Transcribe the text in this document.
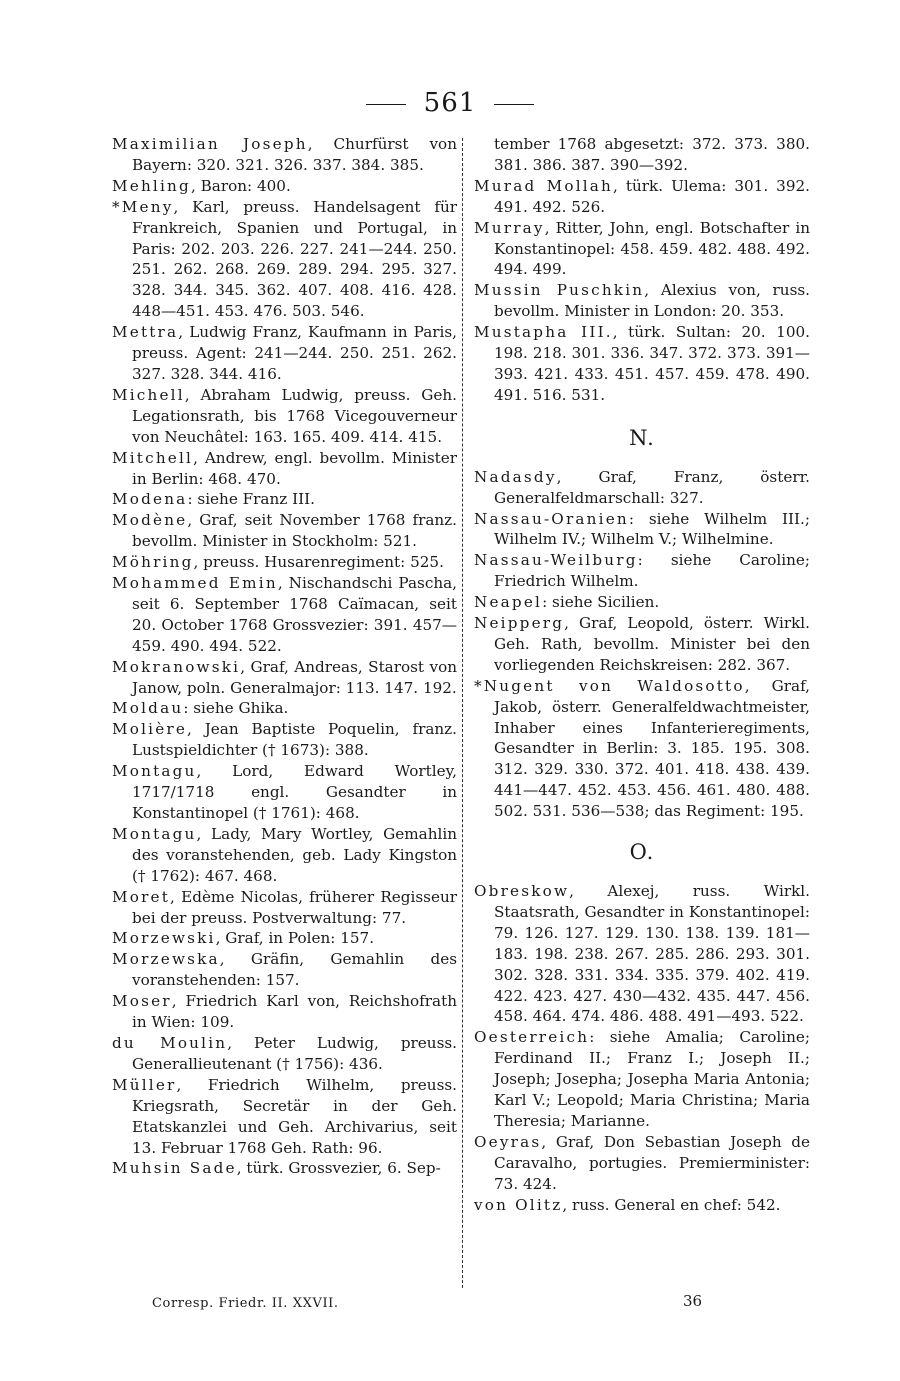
561

Maximilian Joseph, Churfürst von Bayern: 320. 321. 326. 337. 384. 385.

Mehling, Baron: 400.

*Meny, Karl, preuss. Handelsagent für Frankreich, Spanien und Portugal, in Paris: 202. 203. 226. 227. 241—244. 250. 251. 262. 268. 269. 289. 294. 295. 327. 328. 344. 345. 362. 407. 408. 416. 428. 448—451. 453. 476. 503. 546.

Mettra, Ludwig Franz, Kaufmann in Paris, preuss. Agent: 241—244. 250. 251. 262. 327. 328. 344. 416.

Michell, Abraham Ludwig, preuss. Geh. Legationsrath, bis 1768 Vicegouverneur von Neuchâtel: 163. 165. 409. 414. 415.

Mitchell, Andrew, engl. bevollm. Minister in Berlin: 468. 470.

Modena: siehe Franz III.

Modène, Graf, seit November 1768 franz. bevollm. Minister in Stockholm: 521.

Möhring, preuss. Husarenregiment: 525.

Mohammed Emin, Nischandschi Pascha, seit 6. September 1768 Caïmacan, seit 20. October 1768 Grossvezier: 391. 457—459. 490. 494. 522.

Mokranowski, Graf, Andreas, Starost von Janow, poln. Generalmajor: 113. 147. 192.

Moldau: siehe Ghika.

Molière, Jean Baptiste Poquelin, franz. Lustspieldichter († 1673): 388.

Montagu, Lord, Edward Wortley, 1717/1718 engl. Gesandter in Konstantinopel († 1761): 468.

Montagu, Lady, Mary Wortley, Gemahlin des voranstehenden, geb. Lady Kingston († 1762): 467. 468.

Moret, Edème Nicolas, früherer Regisseur bei der preuss. Postverwaltung: 77.

Morzewski, Graf, in Polen: 157.

Morzewska, Gräfin, Gemahlin des voranstehenden: 157.

Moser, Friedrich Karl von, Reichshofrath in Wien: 109.

du Moulin, Peter Ludwig, preuss. Generallieutenant († 1756): 436.

Müller, Friedrich Wilhelm, preuss. Kriegsrath, Secretär in der Geh. Etatskanzlei und Geh. Archivarius, seit 13. Februar 1768 Geh. Rath: 96.

Muhsin Sade, türk. Grossvezier, 6. Sep-

tember 1768 abgesetzt: 372. 373. 380. 381. 386. 387. 390—392.

Murad Mollah, türk. Ulema: 301. 392. 491. 492. 526.

Murray, Ritter, John, engl. Botschafter in Konstantinopel: 458. 459. 482. 488. 492. 494. 499.

Mussin Puschkin, Alexius von, russ. bevollm. Minister in London: 20. 353.

Mustapha III., türk. Sultan: 20. 100. 198. 218. 301. 336. 347. 372. 373. 391—393. 421. 433. 451. 457. 459. 478. 490. 491. 516. 531.

N.

Nadasdy, Graf, Franz, österr. Generalfeldmarschall: 327.

Nassau-Oranien: siehe Wilhelm III.; Wilhelm IV.; Wilhelm V.; Wilhelmine.

Nassau-Weilburg: siehe Caroline; Friedrich Wilhelm.

Neapel: siehe Sicilien.

Neipperg, Graf, Leopold, österr. Wirkl. Geh. Rath, bevollm. Minister bei den vorliegenden Reichskreisen: 282. 367.

*Nugent von Waldosotto, Graf, Jakob, österr. Generalfeldwachtmeister, Inhaber eines Infanterieregiments, Gesandter in Berlin: 3. 185. 195. 308. 312. 329. 330. 372. 401. 418. 438. 439. 441—447. 452. 453. 456. 461. 480. 488. 502. 531. 536—538; das Regiment: 195.

O.

Obreskow, Alexej, russ. Wirkl. Staatsrath, Gesandter in Konstantinopel: 79. 126. 127. 129. 130. 138. 139. 181—183. 198. 238. 267. 285. 286. 293. 301. 302. 328. 331. 334. 335. 379. 402. 419. 422. 423. 427. 430—432. 435. 447. 456. 458. 464. 474. 486. 488. 491—493. 522.

Oesterreich: siehe Amalia; Caroline; Ferdinand II.; Franz I.; Joseph II.; Joseph; Josepha; Josepha Maria Antonia; Karl V.; Leopold; Maria Christina; Maria Theresia; Marianne.

Oeyras, Graf, Don Sebastian Joseph de Caravalho, portugies. Premierminister: 73. 424.

von Olitz, russ. General en chef: 542.

Corresp. Friedr. II. XXVII.	36
